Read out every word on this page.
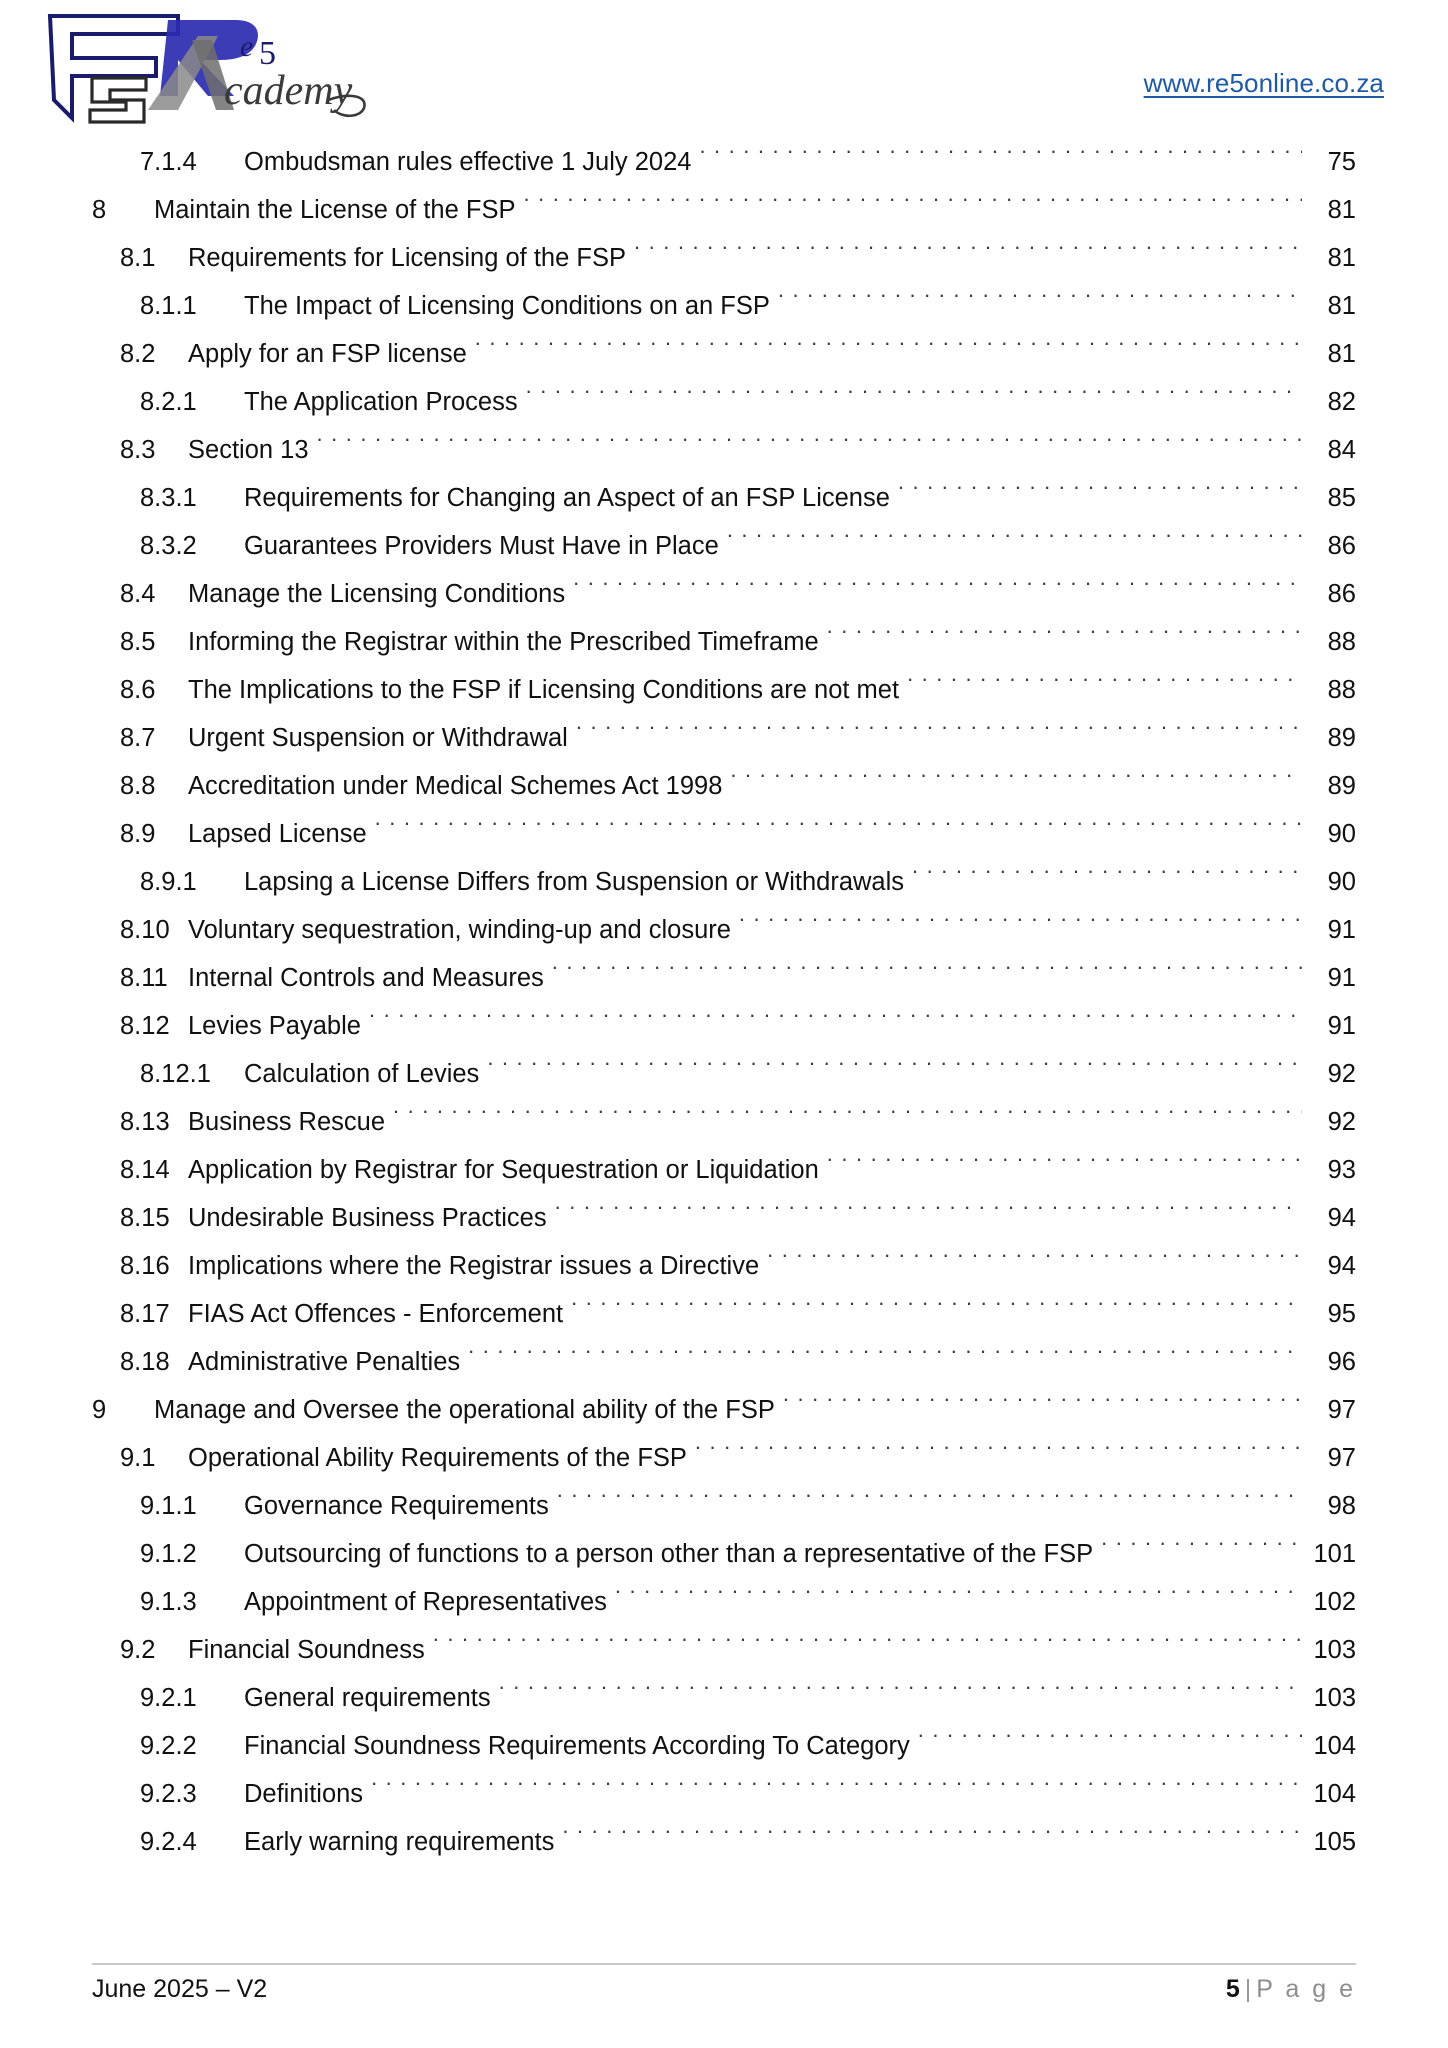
e 5
cademy	www.re5online.co.za
7.1.4	Ombudsman rules effective 1 July 2024 . . .	75
8	Maintain the License of the FSP . . .	81
8.1	Requirements for Licensing of the FSP . . .	81
8.1.1	The Impact of Licensing Conditions on an FSP . . .	81
8.2	Apply for an FSP license . . .	81
8.2.1	The Application Process . . .	82
8.3	Section 13 . . .	84
8.3.1	Requirements for Changing an Aspect of an FSP License . . .	85
8.3.2	Guarantees Providers Must Have in Place . . .	86
8.4	Manage the Licensing Conditions . . .	86
8.5	Informing the Registrar within the Prescribed Timeframe . . .	88
8.6	The Implications to the FSP if Licensing Conditions are not met . . .	88
8.7	Urgent Suspension or Withdrawal . . .	89
8.8	Accreditation under Medical Schemes Act 1998 . . .	89
8.9	Lapsed License . . .	90
8.9.1	Lapsing a License Differs from Suspension or Withdrawals . . .	90
8.10 Voluntary sequestration, winding-up and closure . . .	91
8.11 Internal Controls and Measures . . .	91
8.12 Levies Payable . . .	91
8.12.1	Calculation of Levies . . .	92
8.13 Business Rescue . . .	92
8.14 Application by Registrar for Sequestration or Liquidation . . .	93
8.15 Undesirable Business Practices . . .	94
8.16 Implications where the Registrar issues a Directive . . .	94
8.17 FIAS Act Offences - Enforcement . . .	95
8.18 Administrative Penalties . . .	96
9	Manage and Oversee the operational ability of the FSP . . .	97
9.1	Operational Ability Requirements of the FSP . . .	97
9.1.1	Governance Requirements . . .	98
9.1.2	Outsourcing of functions to a person other than a representative of the FSP . . .	101
9.1.3	Appointment of Representatives . . .	102
9.2	Financial Soundness . . .	103
9.2.1	General requirements . . .	103
9.2.2	Financial Soundness Requirements According To Category . . .	104
9.2.3	Definitions . . .	104
9.2.4	Early warning requirements . . .	105
June 2025 – V2	5 | P a g e
